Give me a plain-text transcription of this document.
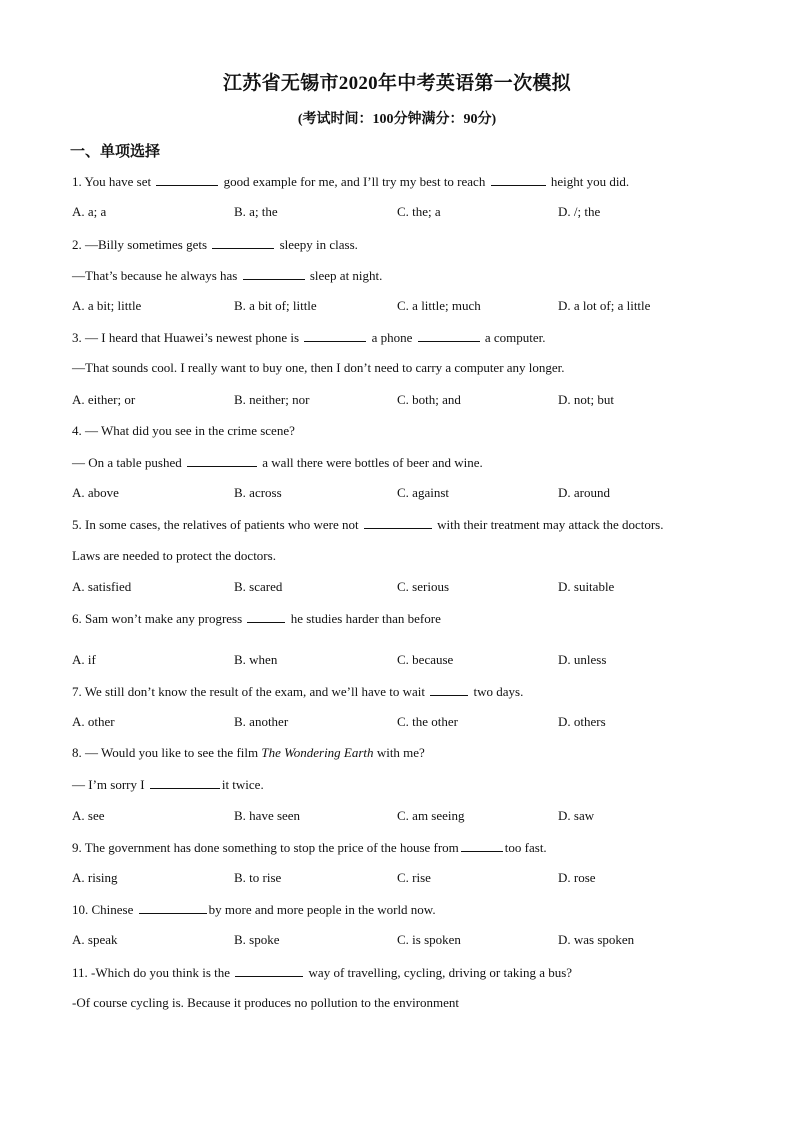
江苏省无锡市2020年中考英语第一次模拟
(考试时间：100分钟满分：90分)
一、单项选择
1. You have set	good example for me, and I’ll try my best to reach	height you did.
A. a; a	B. a; the	C. the; a	D. /; the
2. —Billy sometimes gets	sleepy in class.
—That’s because he always has	sleep at night.
A. a bit; little	B. a bit of; little	C. a little; much	D. a lot of; a little
3. — I heard that Huawei’s newest phone is	a phone	a computer.
—That sounds cool. I really want to buy one, then I don’t need to carry a computer any longer.
A. either; or	B. neither; nor	C. both; and	D. not; but
4. — What did you see in the crime scene?
— On a table pushed	a wall there were bottles of beer and wine.
A. above	B. across	C. against	D. around
5. In some cases, the relatives of patients who were not	with their treatment may attack the doctors.
Laws are needed to protect the doctors.
A. satisfied	B. scared	C. serious	D. suitable
6. Sam won’t make any progress	he studies harder than before
A. if	B. when	C. because	D. unless
7. We still don’t know the result of the exam, and we’ll have to wait	two days.
A. other	B. another	C. the other	D. others
8. — Would you like to see the film The Wondering Earth with me?
— I’m sorry I	it twice.
A. see	B. have seen	C. am seeing	D. saw
9. The government has done something to stop the price of the house from	too fast.
A. rising	B. to rise	C. rise	D. rose
10. Chinese	by more and more people in the world now.
A. speak	B. spoke	C. is spoken	D. was spoken
11. -Which do you think is the	way of travelling, cycling, driving or taking a bus?
-Of course cycling is. Because it produces no pollution to the environment
